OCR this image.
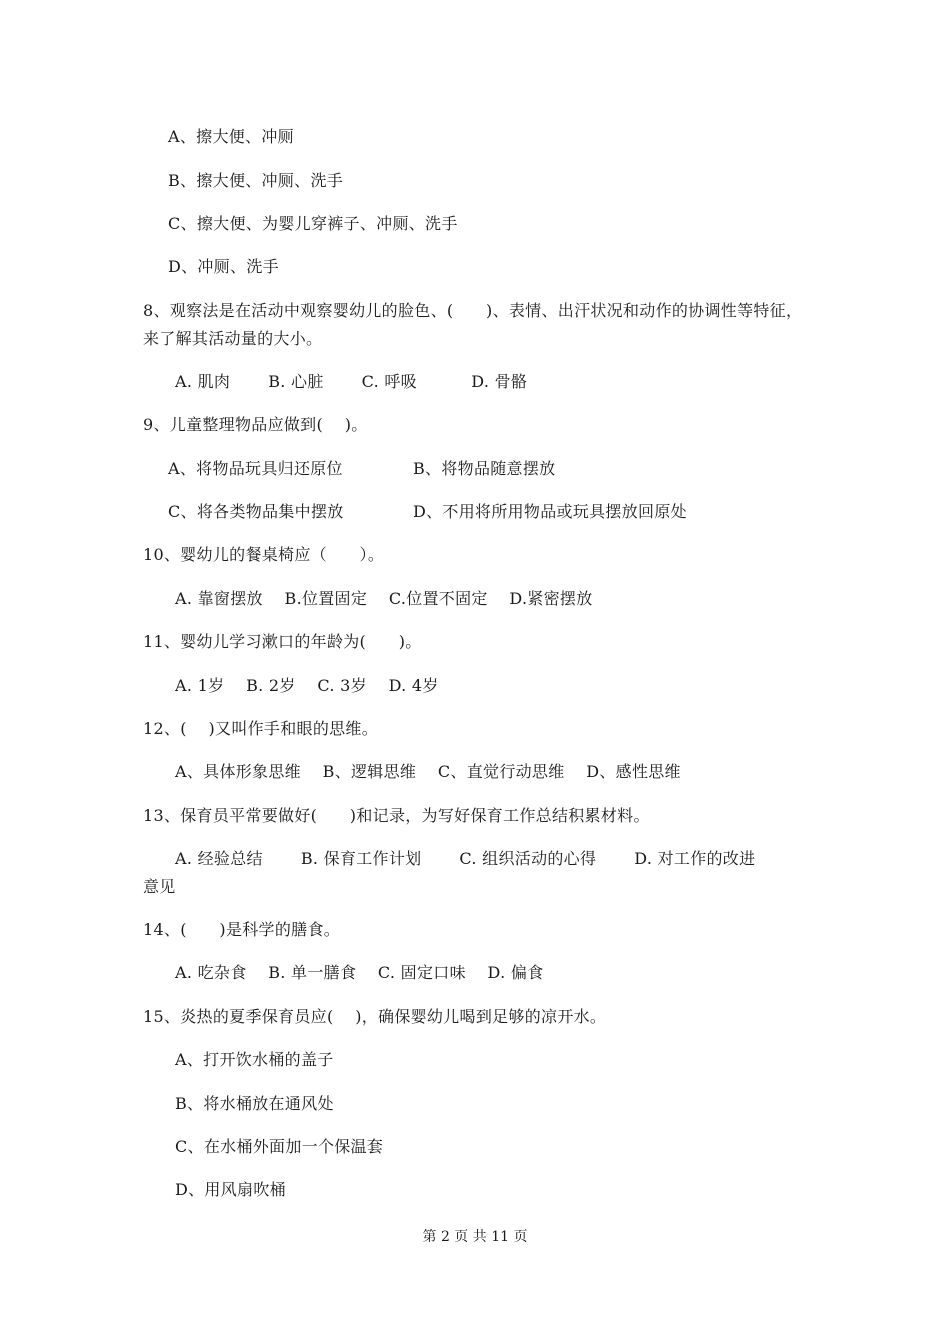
A、擦大便、冲厕
B、擦大便、冲厕、洗手
C、擦大便、为婴儿穿裤子、冲厕、洗手
D、冲厕、洗手
8、观察法是在活动中观察婴幼儿的脸色、(　　)、表情、出汗状况和动作的协调性等特征，
来了解其活动量的大小。
A. 肌肉　　 B. 心脏　　 C. 呼吸　　　 D. 骨骼
9、儿童整理物品应做到(　 )。
A、将物品玩具归还原位	B、将物品随意摆放
C、将各类物品集中摆放	D、不用将所用物品或玩具摆放回原处
10、婴幼儿的餐桌椅应（　　）。
A. 靠窗摆放　 B.位置固定　 C.位置不固定　 D.紧密摆放
11、婴幼儿学习漱口的年龄为(　　)。
A. 1岁　 B. 2岁　 C. 3岁　 D. 4岁
12、(　 )又叫作手和眼的思维。
A、具体形象思维　 B、逻辑思维　 C、直觉行动思维　 D、感性思维
13、保育员平常要做好(　　)和记录，为写好保育工作总结积累材料。
A. 经验总结　　 B. 保育工作计划　　 C. 组织活动的心得　　 D. 对工作的改进
意见
14、(　　)是科学的膳食。
A. 吃杂食　 B. 单一膳食　 C. 固定口味　 D. 偏食
15、炎热的夏季保育员应(　 )，确保婴幼儿喝到足够的凉开水。
A、打开饮水桶的盖子
B、将水桶放在通风处
C、在水桶外面加一个保温套
D、用风扇吹桶
第 2 页 共 11 页
